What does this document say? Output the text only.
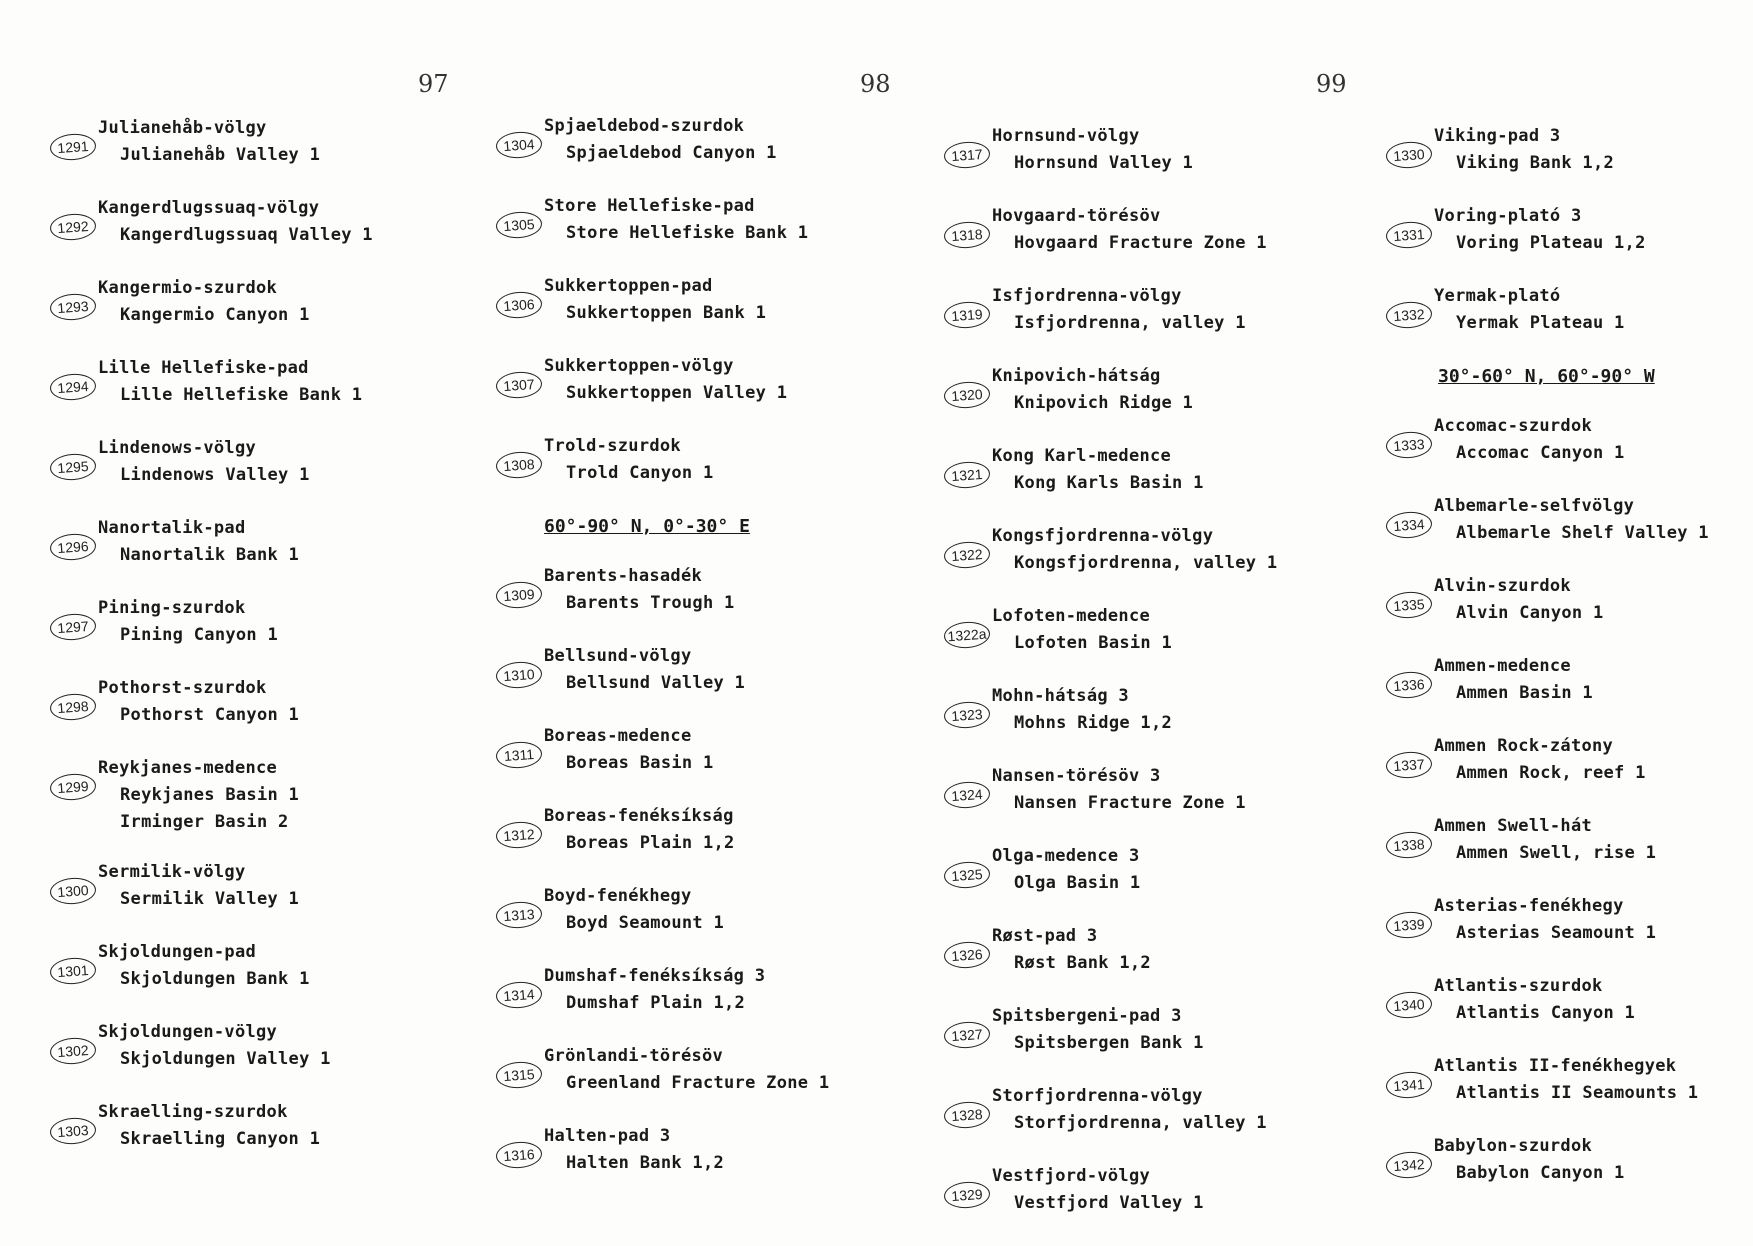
97	98	99
1291
Julianehåb-völgy
Julianehåb Valley 1
1292
Kangerdlugssuaq-völgy
Kangerdlugssuaq Valley 1
1293
Kangermio-szurdok
Kangermio Canyon 1
1294
Lille Hellefiske-pad
Lille Hellefiske Bank 1
1295
Lindenows-völgy
Lindenows Valley 1
1296
Nanortalik-pad
Nanortalik Bank 1
1297
Pining-szurdok
Pining Canyon 1
1298
Pothorst-szurdok
Pothorst Canyon 1
1299
Reykjanes-medence
Reykjanes Basin 1
Irminger Basin 2
1300
Sermilik-völgy
Sermilik Valley 1
1301
Skjoldungen-pad
Skjoldungen Bank 1
1302
Skjoldungen-völgy
Skjoldungen Valley 1
1303
Skraelling-szurdok
Skraelling Canyon 1
1304
Spjaeldebod-szurdok
Spjaeldebod Canyon 1
1305
Store Hellefiske-pad
Store Hellefiske Bank 1
1306
Sukkertoppen-pad
Sukkertoppen Bank 1
1307
Sukkertoppen-völgy
Sukkertoppen Valley 1
1308
Trold-szurdok
Trold Canyon 1
60°-90° N, 0°-30° E
1309
Barents-hasadék
Barents Trough 1
1310
Bellsund-völgy
Bellsund Valley 1
1311
Boreas-medence
Boreas Basin 1
1312
Boreas-fenéksíkság
Boreas Plain 1,2
1313
Boyd-fenékhegy
Boyd Seamount 1
1314
Dumshaf-fenéksíkság 3
Dumshaf Plain 1,2
1315
Grönlandi-törésöv
Greenland Fracture Zone 1
1316
Halten-pad 3
Halten Bank 1,2
1317
Hornsund-völgy
Hornsund Valley 1
1318
Hovgaard-törésöv
Hovgaard Fracture Zone 1
1319
Isfjordrenna-völgy
Isfjordrenna, valley 1
1320
Knipovich-hátság
Knipovich Ridge 1
1321
Kong Karl-medence
Kong Karls Basin 1
1322
Kongsfjordrenna-völgy
Kongsfjordrenna, valley 1
1322a
Lofoten-medence
Lofoten Basin 1
1323
Mohn-hátság 3
Mohns Ridge 1,2
1324
Nansen-törésöv 3
Nansen Fracture Zone 1
1325
Olga-medence 3
Olga Basin 1
1326
Røst-pad 3
Røst Bank 1,2
1327
Spitsbergeni-pad 3
Spitsbergen Bank 1
1328
Storfjordrenna-völgy
Storfjordrenna, valley 1
1329
Vestfjord-völgy
Vestfjord Valley 1
1330
Viking-pad 3
Viking Bank 1,2
1331
Voring-plató 3
Voring Plateau 1,2
1332
Yermak-plató
Yermak Plateau 1
30°-60° N, 60°-90° W
1333
Accomac-szurdok
Accomac Canyon 1
1334
Albemarle-selfvölgy
Albemarle Shelf Valley 1
1335
Alvin-szurdok
Alvin Canyon 1
1336
Ammen-medence
Ammen Basin 1
1337
Ammen Rock-zátony
Ammen Rock, reef 1
1338
Ammen Swell-hát
Ammen Swell, rise 1
1339
Asterias-fenékhegy
Asterias Seamount 1
1340
Atlantis-szurdok
Atlantis Canyon 1
1341
Atlantis II-fenékhegyek
Atlantis II Seamounts 1
1342
Babylon-szurdok
Babylon Canyon 1
